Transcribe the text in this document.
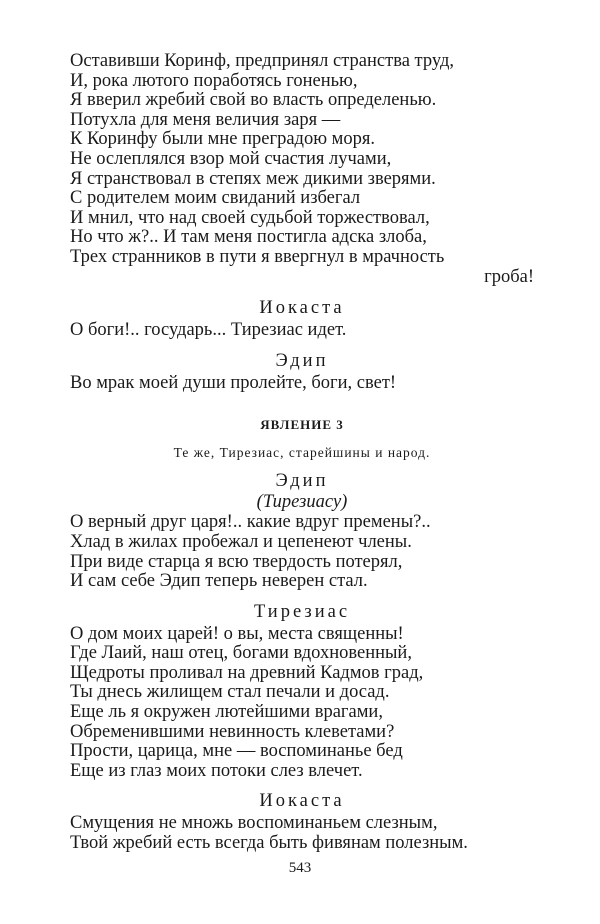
Оставивши Коринф, предпринял странства труд,
И, рока лютого поработясь гоненью,
Я вверил жребий свой во власть определенью.
Потухла для меня величия заря —
К Коринфу были мне преградою моря.
Не ослеплялся взор мой счастия лучами,
Я странствовал в степях меж дикими зверями.
С родителем моим свиданий избегал
И мнил, что над своей судьбой торжествовал,
Но что ж?.. И там меня постигла адска злоба,
Трех странников в пути я ввергнул в мрачность
гроба!
Иокаста
О боги!.. государь... Тирезиас идет.
Эдип
Во мрак моей души пролейте, боги, свет!
ЯВЛЕНИЕ 3
Те же, Тирезиас, старейшины и народ.
Эдип
(Тирезиасу)
О верный друг царя!.. какие вдруг премены?..
Хлад в жилах пробежал и цепенеют члены.
При виде старца я всю твердость потерял,
И сам себе Эдип теперь неверен стал.
Тирезиас
О дом моих царей! о вы, места священны!
Где Лаий, наш отец, богами вдохновенный,
Щедроты проливал на древний Кадмов град,
Ты днесь жилищем стал печали и досад.
Еще ль я окружен лютейшими врагами,
Обременившими невинность клеветами?
Прости, царица, мне — воспоминанье бед
Еще из глаз моих потоки слез влечет.
Иокаста
Смущения не множь воспоминаньем слезным,
Твой жребий есть всегда быть фивянам полезным.
543
